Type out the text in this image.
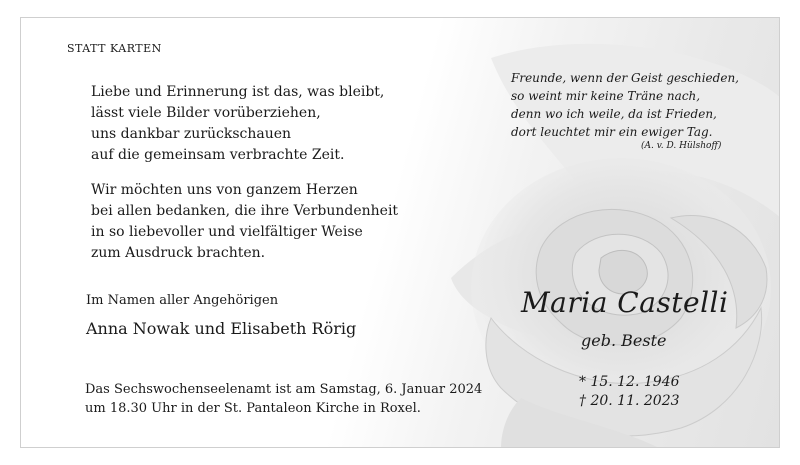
STATT KARTEN
Liebe und Erinnerung ist das, was bleibt,
lässt viele Bilder vorüberziehen,
uns dankbar zurückschauen
auf die gemeinsam verbrachte Zeit.
Wir möchten uns von ganzem Herzen
bei allen bedanken, die ihre Verbundenheit
in so liebevoller und vielfältiger Weise
zum Ausdruck brachten.
Freunde, wenn der Geist geschieden,
so weint mir keine Träne nach,
denn wo ich weile, da ist Frieden,
dort leuchtet mir ein ewiger Tag.
(A. v. D. Hülshoff)
Im Namen aller Angehörigen
Anna Nowak und Elisabeth Rörig
Das Sechswochenseelenamt ist am Samstag, 6. Januar 2024
um 18.30 Uhr in der St. Pantaleon Kirche in Roxel.
Maria Castelli
geb. Beste
* 15. 12. 1946
† 20. 11. 2023
